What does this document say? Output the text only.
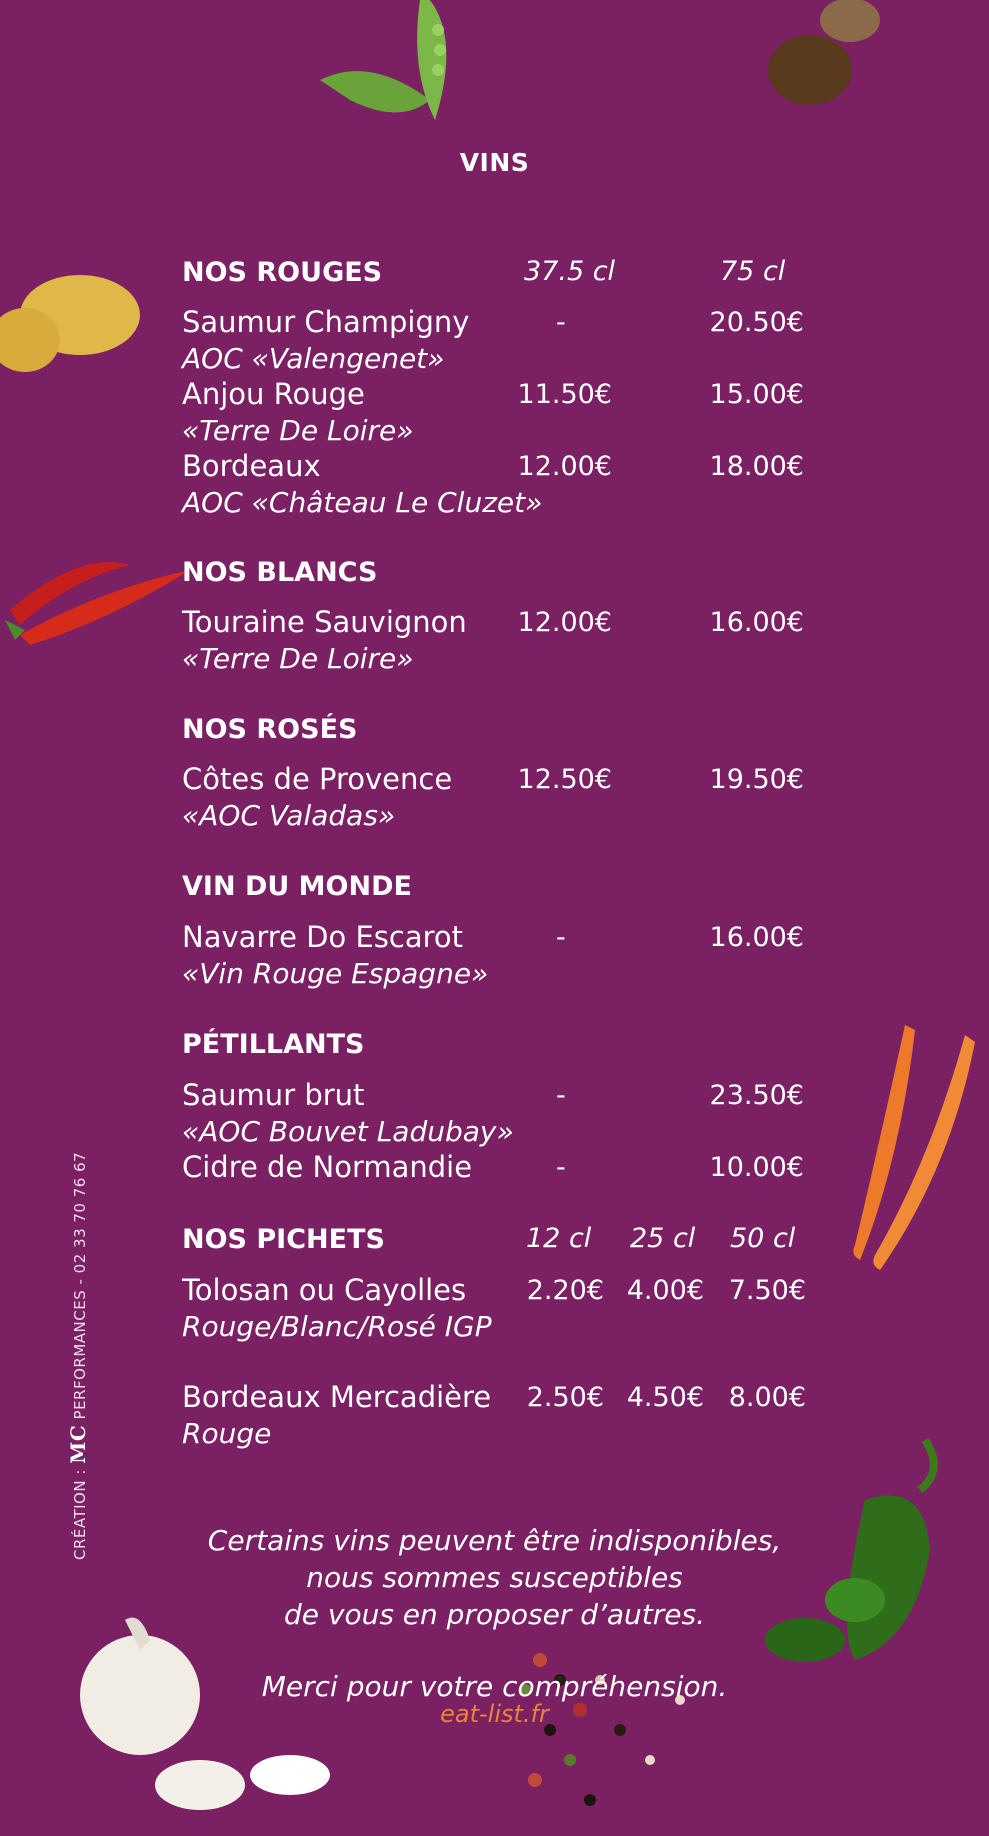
VINS
NOS ROUGES	37.5 cl	75 cl
Saumur Champigny	-	20.50€
AOC «Valengenet»
Anjou Rouge	11.50€	15.00€
«Terre De Loire»
Bordeaux	12.00€	18.00€
AOC «Château Le Cluzet»
NOS BLANCS
Touraine Sauvignon	12.00€	16.00€
«Terre De Loire»
NOS ROSÉS
Côtes de Provence	12.50€	19.50€
«AOC Valadas»
VIN DU MONDE
Navarre Do Escarot	-	16.00€
«Vin Rouge Espagne»
PÉTILLANTS
Saumur brut	-	23.50€
«AOC Bouvet Ladubay»
Cidre de Normandie	-	10.00€
NOS PICHETS	12 cl 25 cl 50 cl
Tolosan ou Cayolles	2.20€ 4.00€ 7.50€
Rouge/Blanc/Rosé IGP
Bordeaux Mercadière	2.50€ 4.50€ 8.00€
Rouge
Certains vins peuvent être indisponibles,
nous sommes susceptibles
de vous en proposer d’autres.
Merci pour votre compréhension.
eat-list.fr
CRÉATION : MC PERFORMANCES - 02 33 70 76 67
